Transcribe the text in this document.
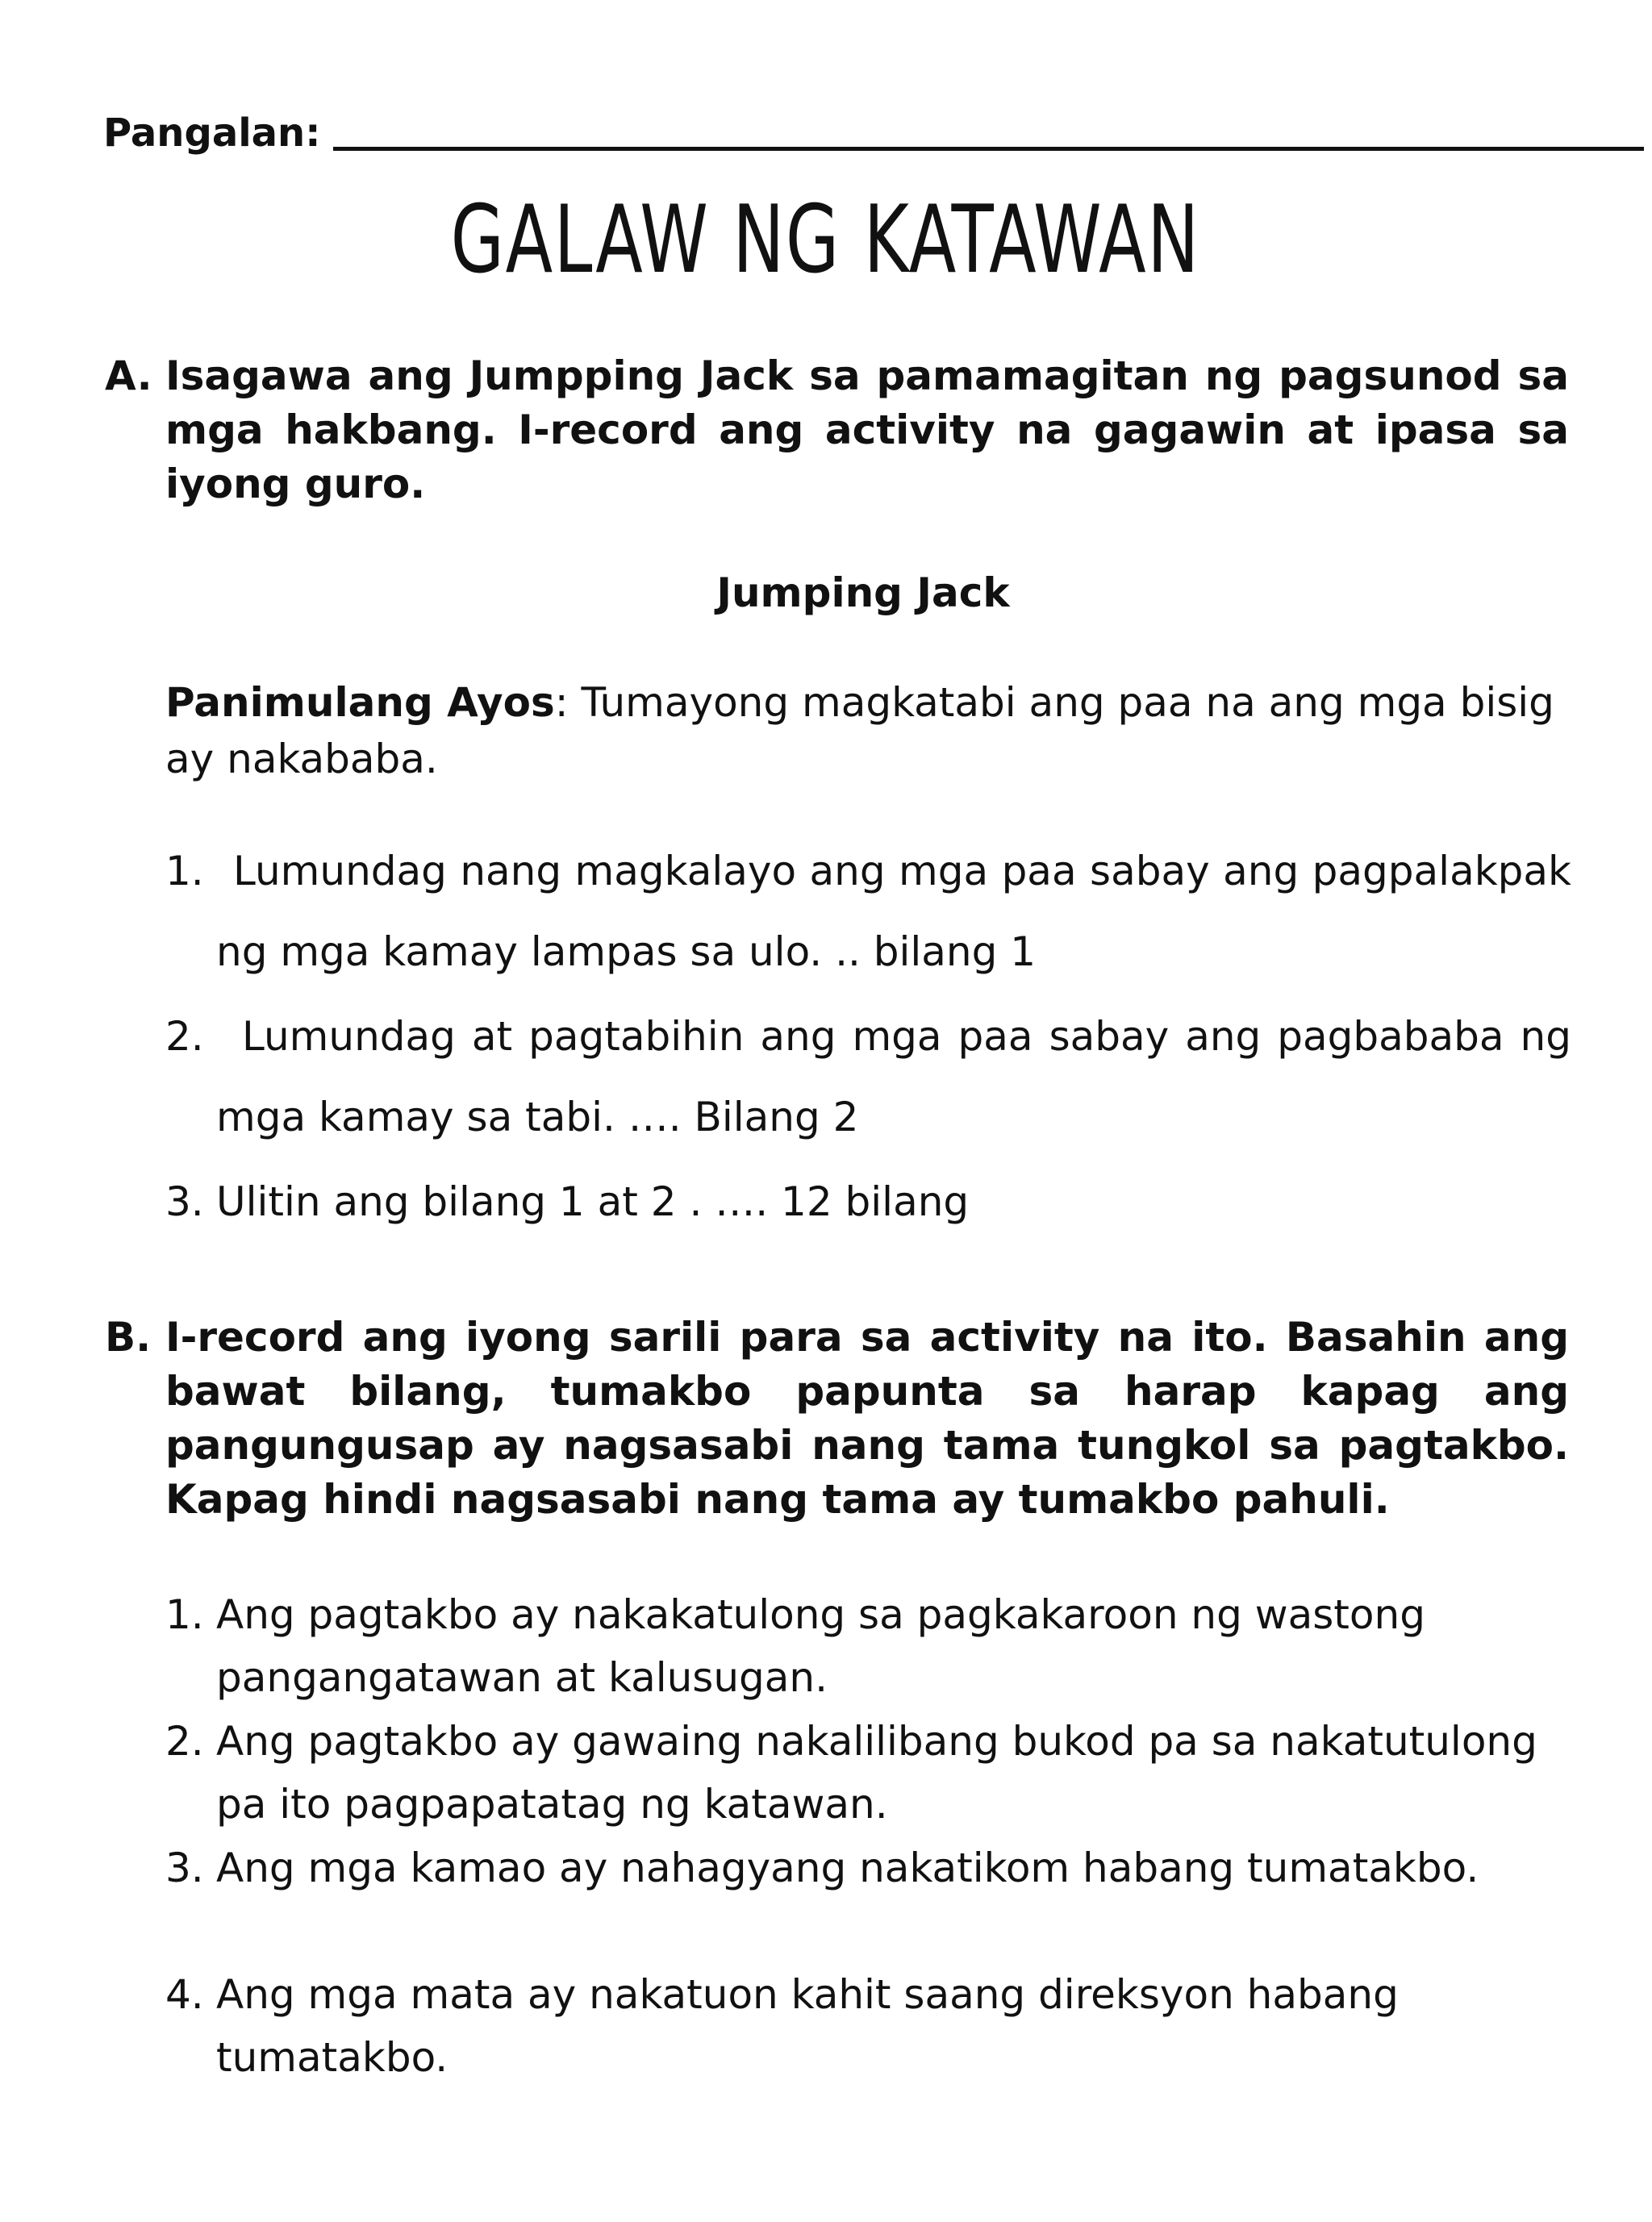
Pangalan:
GALAW NG KATAWAN
A. Isagawa ang Jumpping Jack sa pamamagitan ng pagsunod sa mga hakbang. I-record ang activity na gagawin at ipasa sa iyong guro.
Jumping Jack
Panimulang Ayos: Tumayong magkatabi ang paa na ang mga bisig ay nakababa.
1. Lumundag nang magkalayo ang mga paa sabay ang pagpalakpak ng mga kamay lampas sa ulo. .. bilang 1
2. Lumundag at pagtabihin ang mga paa sabay ang pagbababa ng mga kamay sa tabi. …. Bilang 2
3. Ulitin ang bilang 1 at 2 . …. 12 bilang
B. I-record ang iyong sarili para sa activity na ito. Basahin ang bawat bilang, tumakbo papunta sa harap kapag ang pangungusap ay nagsasabi nang tama tungkol sa pagtakbo. Kapag hindi nagsasabi nang tama ay tumakbo pahuli.
1. Ang pagtakbo ay nakakatulong sa pagkakaroon ng wastong pangangatawan at kalusugan.
2. Ang pagtakbo ay gawaing nakalilibang bukod pa sa nakatutulong pa ito pagpapatatag ng katawan.
3. Ang mga kamao ay nahagyang nakatikom habang tumatakbo.
4. Ang mga mata ay nakatuon kahit saang direksyon habang tumatakbo.
